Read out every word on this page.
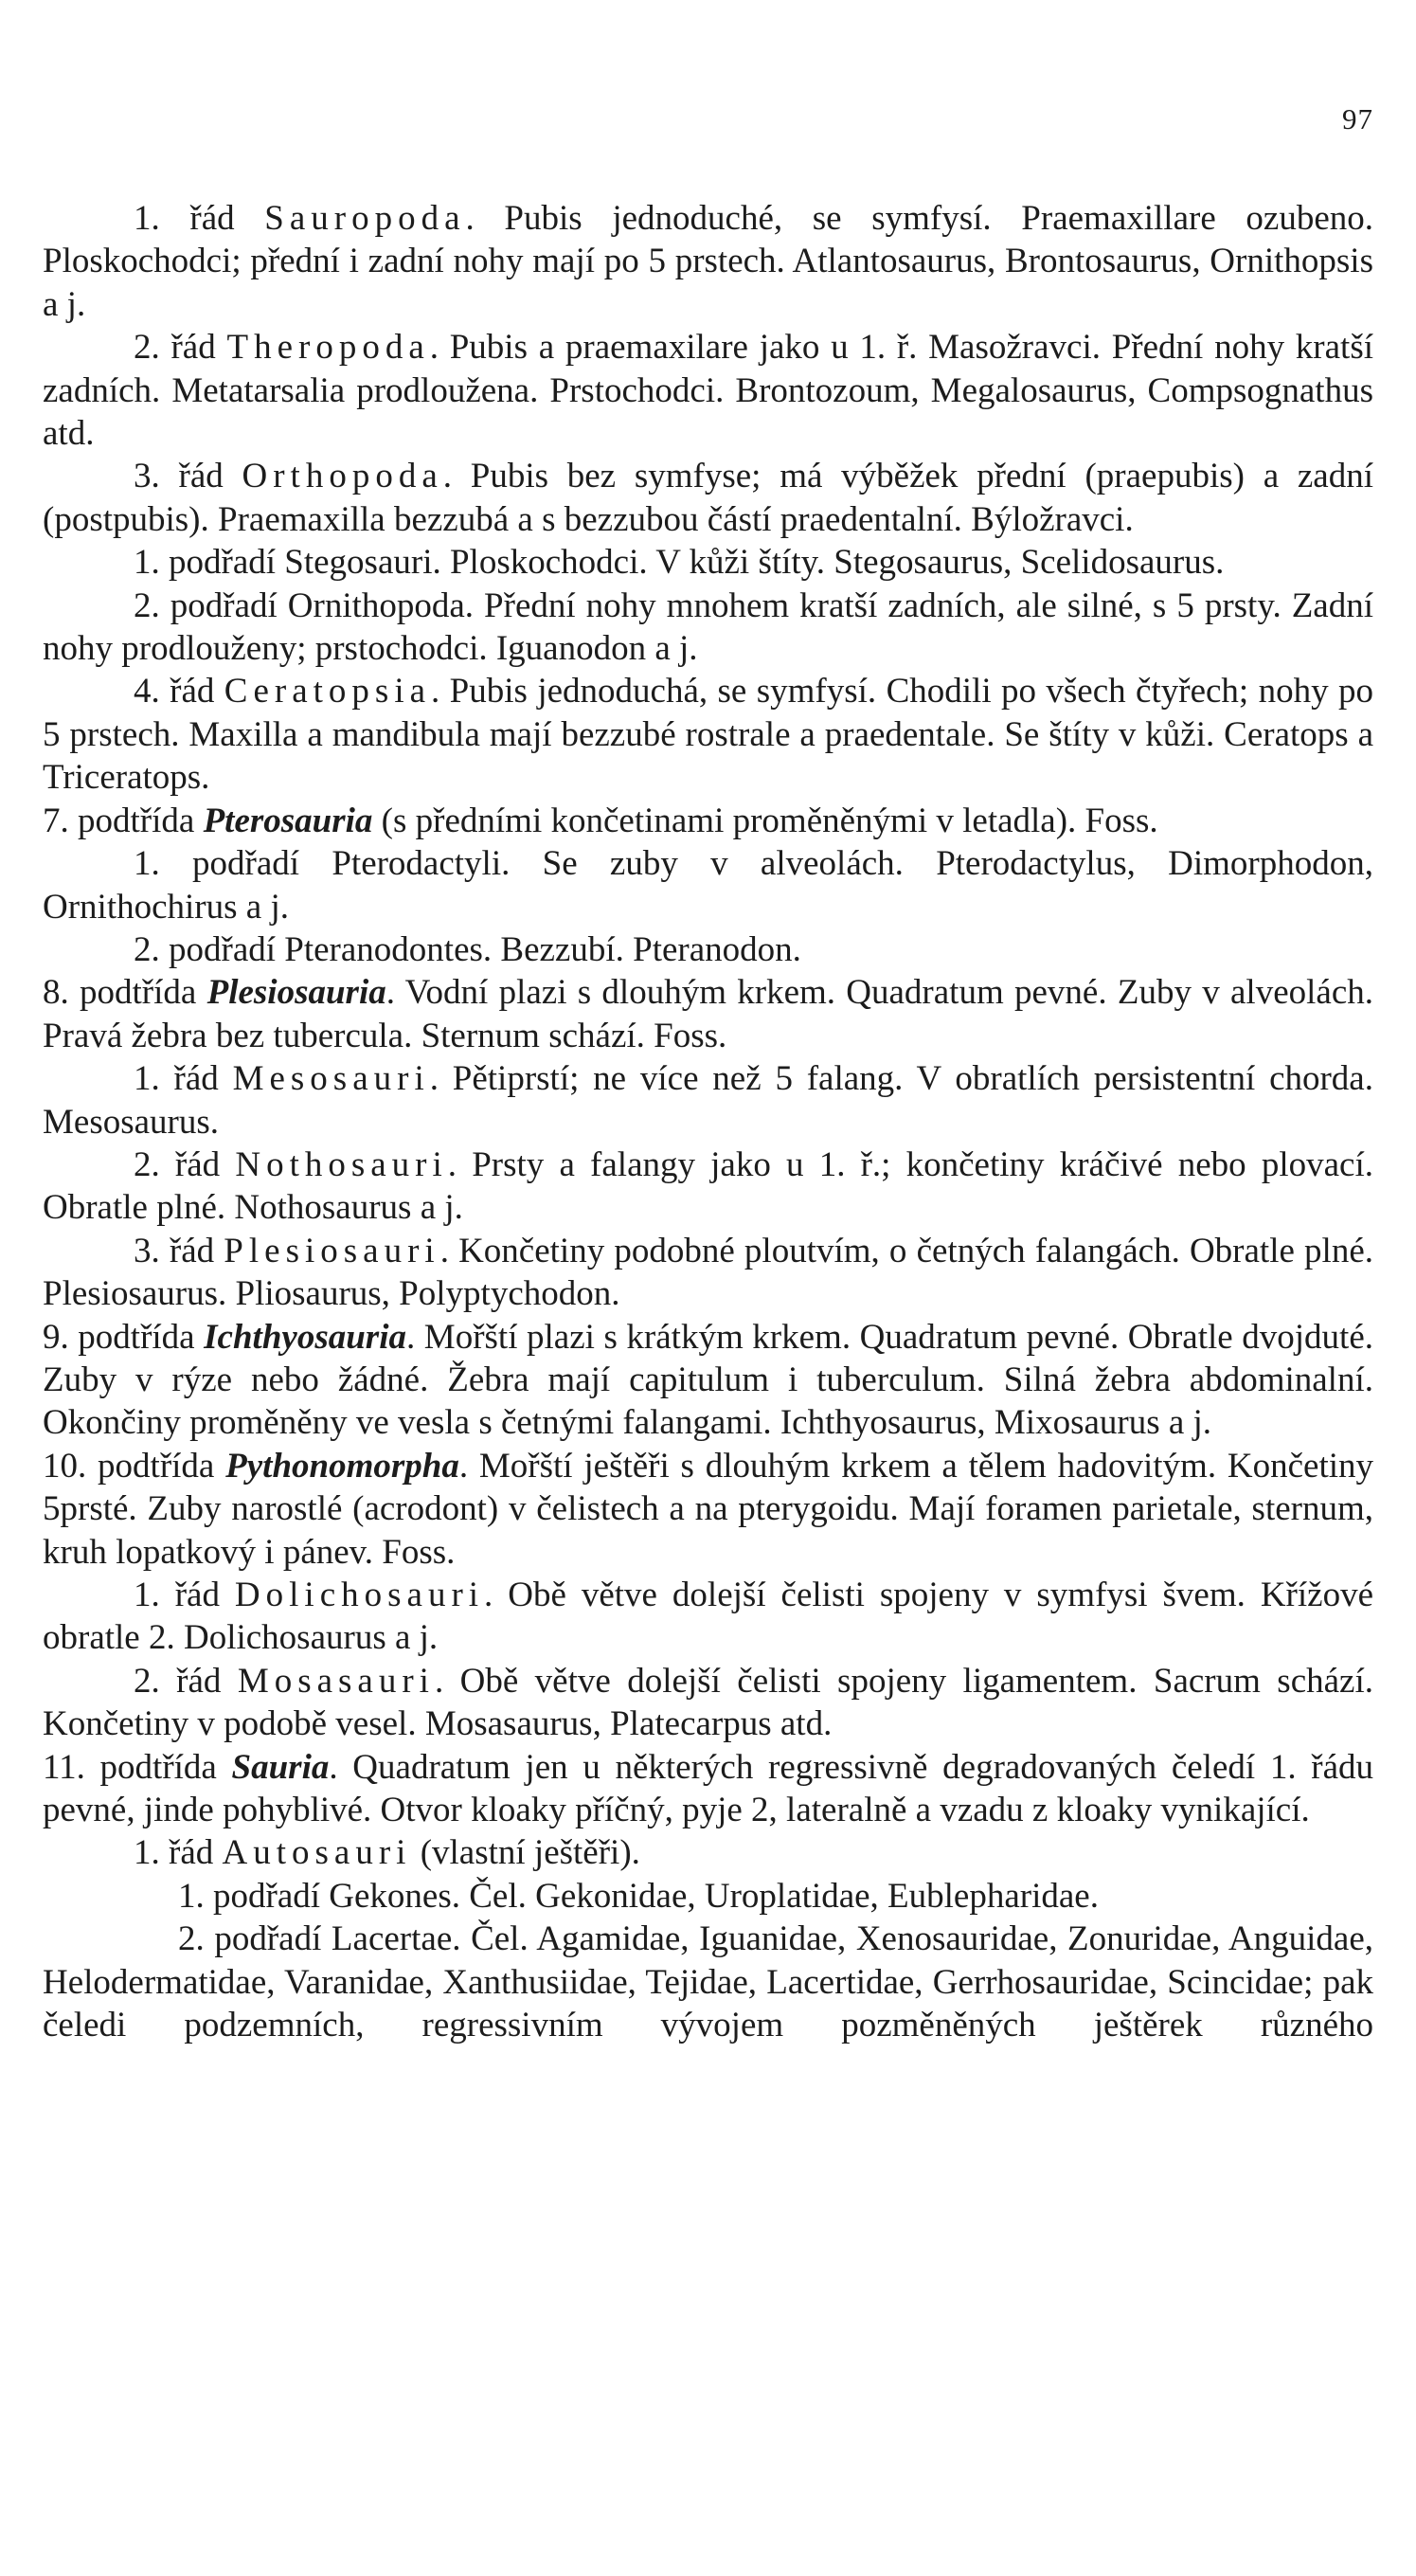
97

1. řád Sauropoda. Pubis jednoduché, se symfysí. Praemaxillare ozubeno. Ploskochodci; přední i zadní nohy mají po 5 prstech. Atlantosaurus, Brontosaurus, Ornithopsis a j.

2. řád Theropoda. Pubis a praemaxilare jako u 1. ř. Masožravci. Přední nohy kratší zadních. Metatarsalia prodloužena. Prstochodci. Brontozoum, Megalosaurus, Compsognathus atd.

3. řád Orthopoda. Pubis bez symfyse; má výběžek přední (praepubis) a zadní (postpubis). Praemaxilla bezzubá a s bezzubou částí praedentalní. Býložravci.

1. podřadí Stegosauri. Ploskochodci. V kůži štíty. Stegosaurus, Scelidosaurus.

2. podřadí Ornithopoda. Přední nohy mnohem kratší zadních, ale silné, s 5 prsty. Zadní nohy prodlouženy; prstochodci. Iguanodon a j.

4. řád Ceratopsia. Pubis jednoduchá, se symfysí. Chodili po všech čtyřech; nohy po 5 prstech. Maxilla a mandibula mají bezzubé rostrale a praedentale. Se štíty v kůži. Ceratops a Triceratops.

7. podtřída Pterosauria (s předními končetinami proměněnými v letadla). Foss.

1. podřadí Pterodactyli. Se zuby v alveolách. Pterodactylus, Dimorphodon, Ornithochirus a j.

2. podřadí Pteranodontes. Bezzubí. Pteranodon.

8. podtřída Plesiosauria. Vodní plazi s dlouhým krkem. Quadratum pevné. Zuby v alveolách. Pravá žebra bez tubercula. Sternum schází. Foss.

1. řád Mesosauri. Pětiprstí; ne více než 5 falang. V obratlích persistentní chorda. Mesosaurus.

2. řád Nothosauri. Prsty a falangy jako u 1. ř.; končetiny kráčivé nebo plovací. Obratle plné. Nothosaurus a j.

3. řád Plesiosauri. Končetiny podobné ploutvím, o četných falangách. Obratle plné. Plesiosaurus. Pliosaurus, Polyptychodon.

9. podtřída Ichthyosauria. Mořští plazi s krátkým krkem. Quadratum pevné. Obratle dvojduté. Zuby v rýze nebo žádné. Žebra mají capitulum i tuberculum. Silná žebra abdominalní. Okončiny proměněny ve vesla s četnými falangami. Ichthyosaurus, Mixosaurus a j.

10. podtřída Pythonomorpha. Mořští ještěři s dlouhým krkem a tělem hadovitým. Končetiny 5prsté. Zuby narostlé (acrodont) v čelistech a na pterygoidu. Mají foramen parietale, sternum, kruh lopatkový i pánev. Foss.

1. řád Dolichosauri. Obě větve dolejší čelisti spojeny v symfysi švem. Křížové obratle 2. Dolichosaurus a j.

2. řád Mosasauri. Obě větve dolejší čelisti spojeny ligamentem. Sacrum schází. Končetiny v podobě vesel. Mosasaurus, Platecarpus atd.

11. podtřída Sauria. Quadratum jen u některých regressivně degradovaných čeledí 1. řádu pevné, jinde pohyblivé. Otvor kloaky příčný, pyje 2, lateralně a vzadu z kloaky vynikající.

1. řád Autosauri (vlastní ještěři).

1. podřadí Gekones. Čel. Gekonidae, Uroplatidae, Eublepharidae.

2. podřadí Lacertae. Čel. Agamidae, Iguanidae, Xenosauridae, Zonuridae, Anguidae, Helodermatidae, Varanidae, Xanthusiidae, Tejidae, Lacertidae, Gerrhosauridae, Scincidae; pak čeledi podzemních, regressivním vývojem pozměněných ještěrek různého
